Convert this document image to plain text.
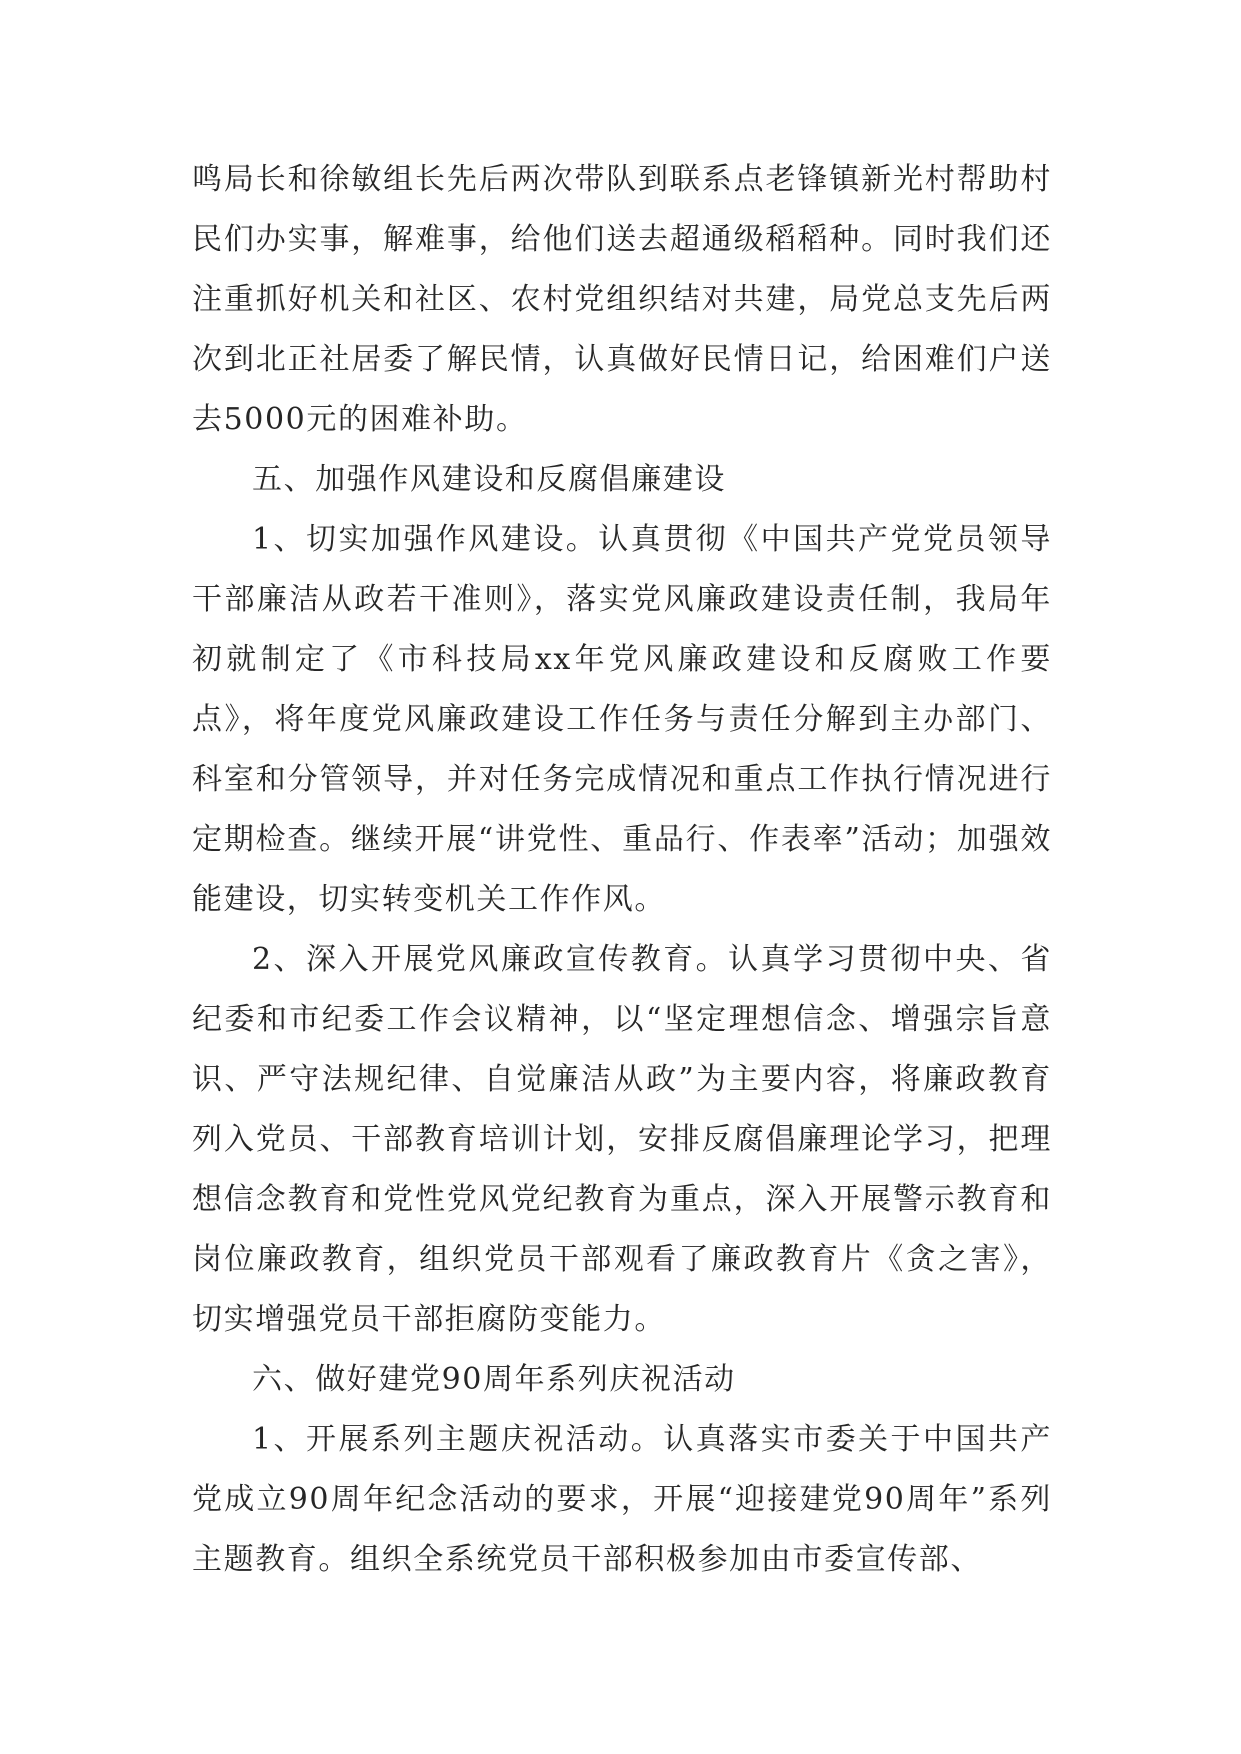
鸣局长和徐敏组长先后两次带队到联系点老锋镇新光村帮助村民们办实事，解难事，给他们送去超通级稻稻种。同时我们还注重抓好机关和社区、农村党组织结对共建，局党总支先后两次到北正社居委了解民情，认真做好民情日记，给困难们户送去5000元的困难补助。

五、加强作风建设和反腐倡廉建设

1、切实加强作风建设。认真贯彻《中国共产党党员领导干部廉洁从政若干准则》，落实党风廉政建设责任制，我局年初就制定了《市科技局xx年党风廉政建设和反腐败工作要点》，将年度党风廉政建设工作任务与责任分解到主办部门、科室和分管领导，并对任务完成情况和重点工作执行情况进行定期检查。继续开展“讲党性、重品行、作表率”活动；加强效能建设，切实转变机关工作作风。

2、深入开展党风廉政宣传教育。认真学习贯彻中央、省纪委和市纪委工作会议精神，以“坚定理想信念、增强宗旨意识、严守法规纪律、自觉廉洁从政”为主要内容，将廉政教育列入党员、干部教育培训计划，安排反腐倡廉理论学习，把理想信念教育和党性党风党纪教育为重点，深入开展警示教育和岗位廉政教育，组织党员干部观看了廉政教育片《贪之害》，切实增强党员干部拒腐防变能力。

六、做好建党90周年系列庆祝活动

1、开展系列主题庆祝活动。认真落实市委关于中国共产党成立90周年纪念活动的要求，开展“迎接建党90周年”系列主题教育。组织全系统党员干部积极参加由市委宣传部、
